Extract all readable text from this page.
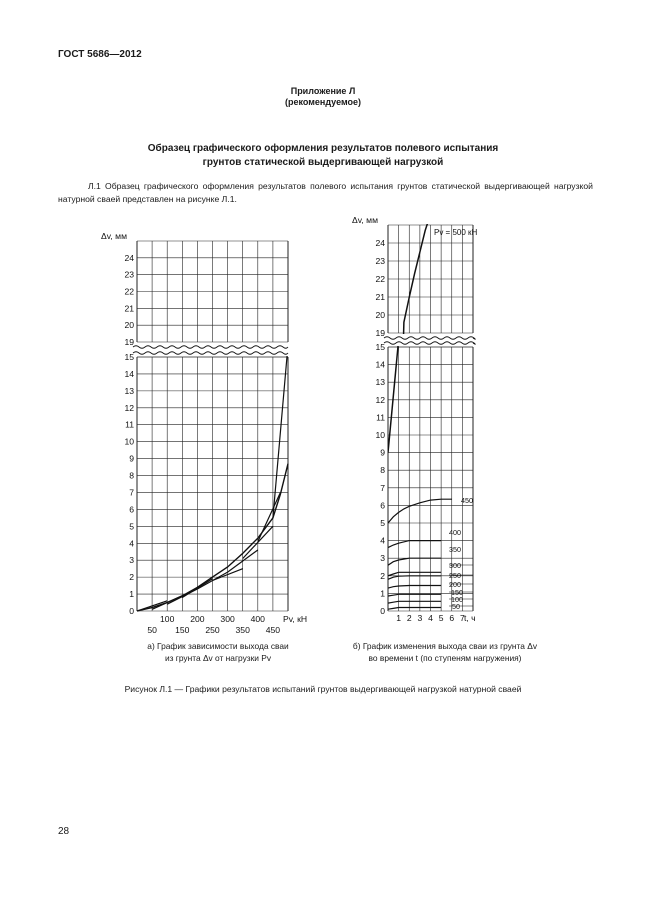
ГОСТ 5686—2012
Приложение Л
(рекомендуемое)
Образец графического оформления результатов полевого испытания
грунтов статической выдергивающей нагрузкой
Л.1 Образец графического оформления результатов полевого испытания грунтов статической выдергивающей нагрузкой натурной сваей представлен на рисунке Л.1.
0
1
2
3
4
5
6
7
8
9
10
11
12
13
14
15
19
20
21
22
23
24
Δv, мм
100 200 300 400
50 150 250 350 450
Pv, кН
0
1
2
3
4
5
6
7
8
9
10
11
12
13
14
15
19
20
21
22
23
24
Δv, мм
1 2 3 4 5 6 7 t, ч
50
100
150
200
250
300
350
400
450
Pv = 500 кН
а) График зависимости выхода сваи
из грунта Δv от нагрузки Pv
б) График изменения выхода сваи из грунта Δv
во времени t (по ступеням нагружения)
Рисунок Л.1 — Графики результатов испытаний грунтов выдергивающей нагрузкой натурной сваей
28
